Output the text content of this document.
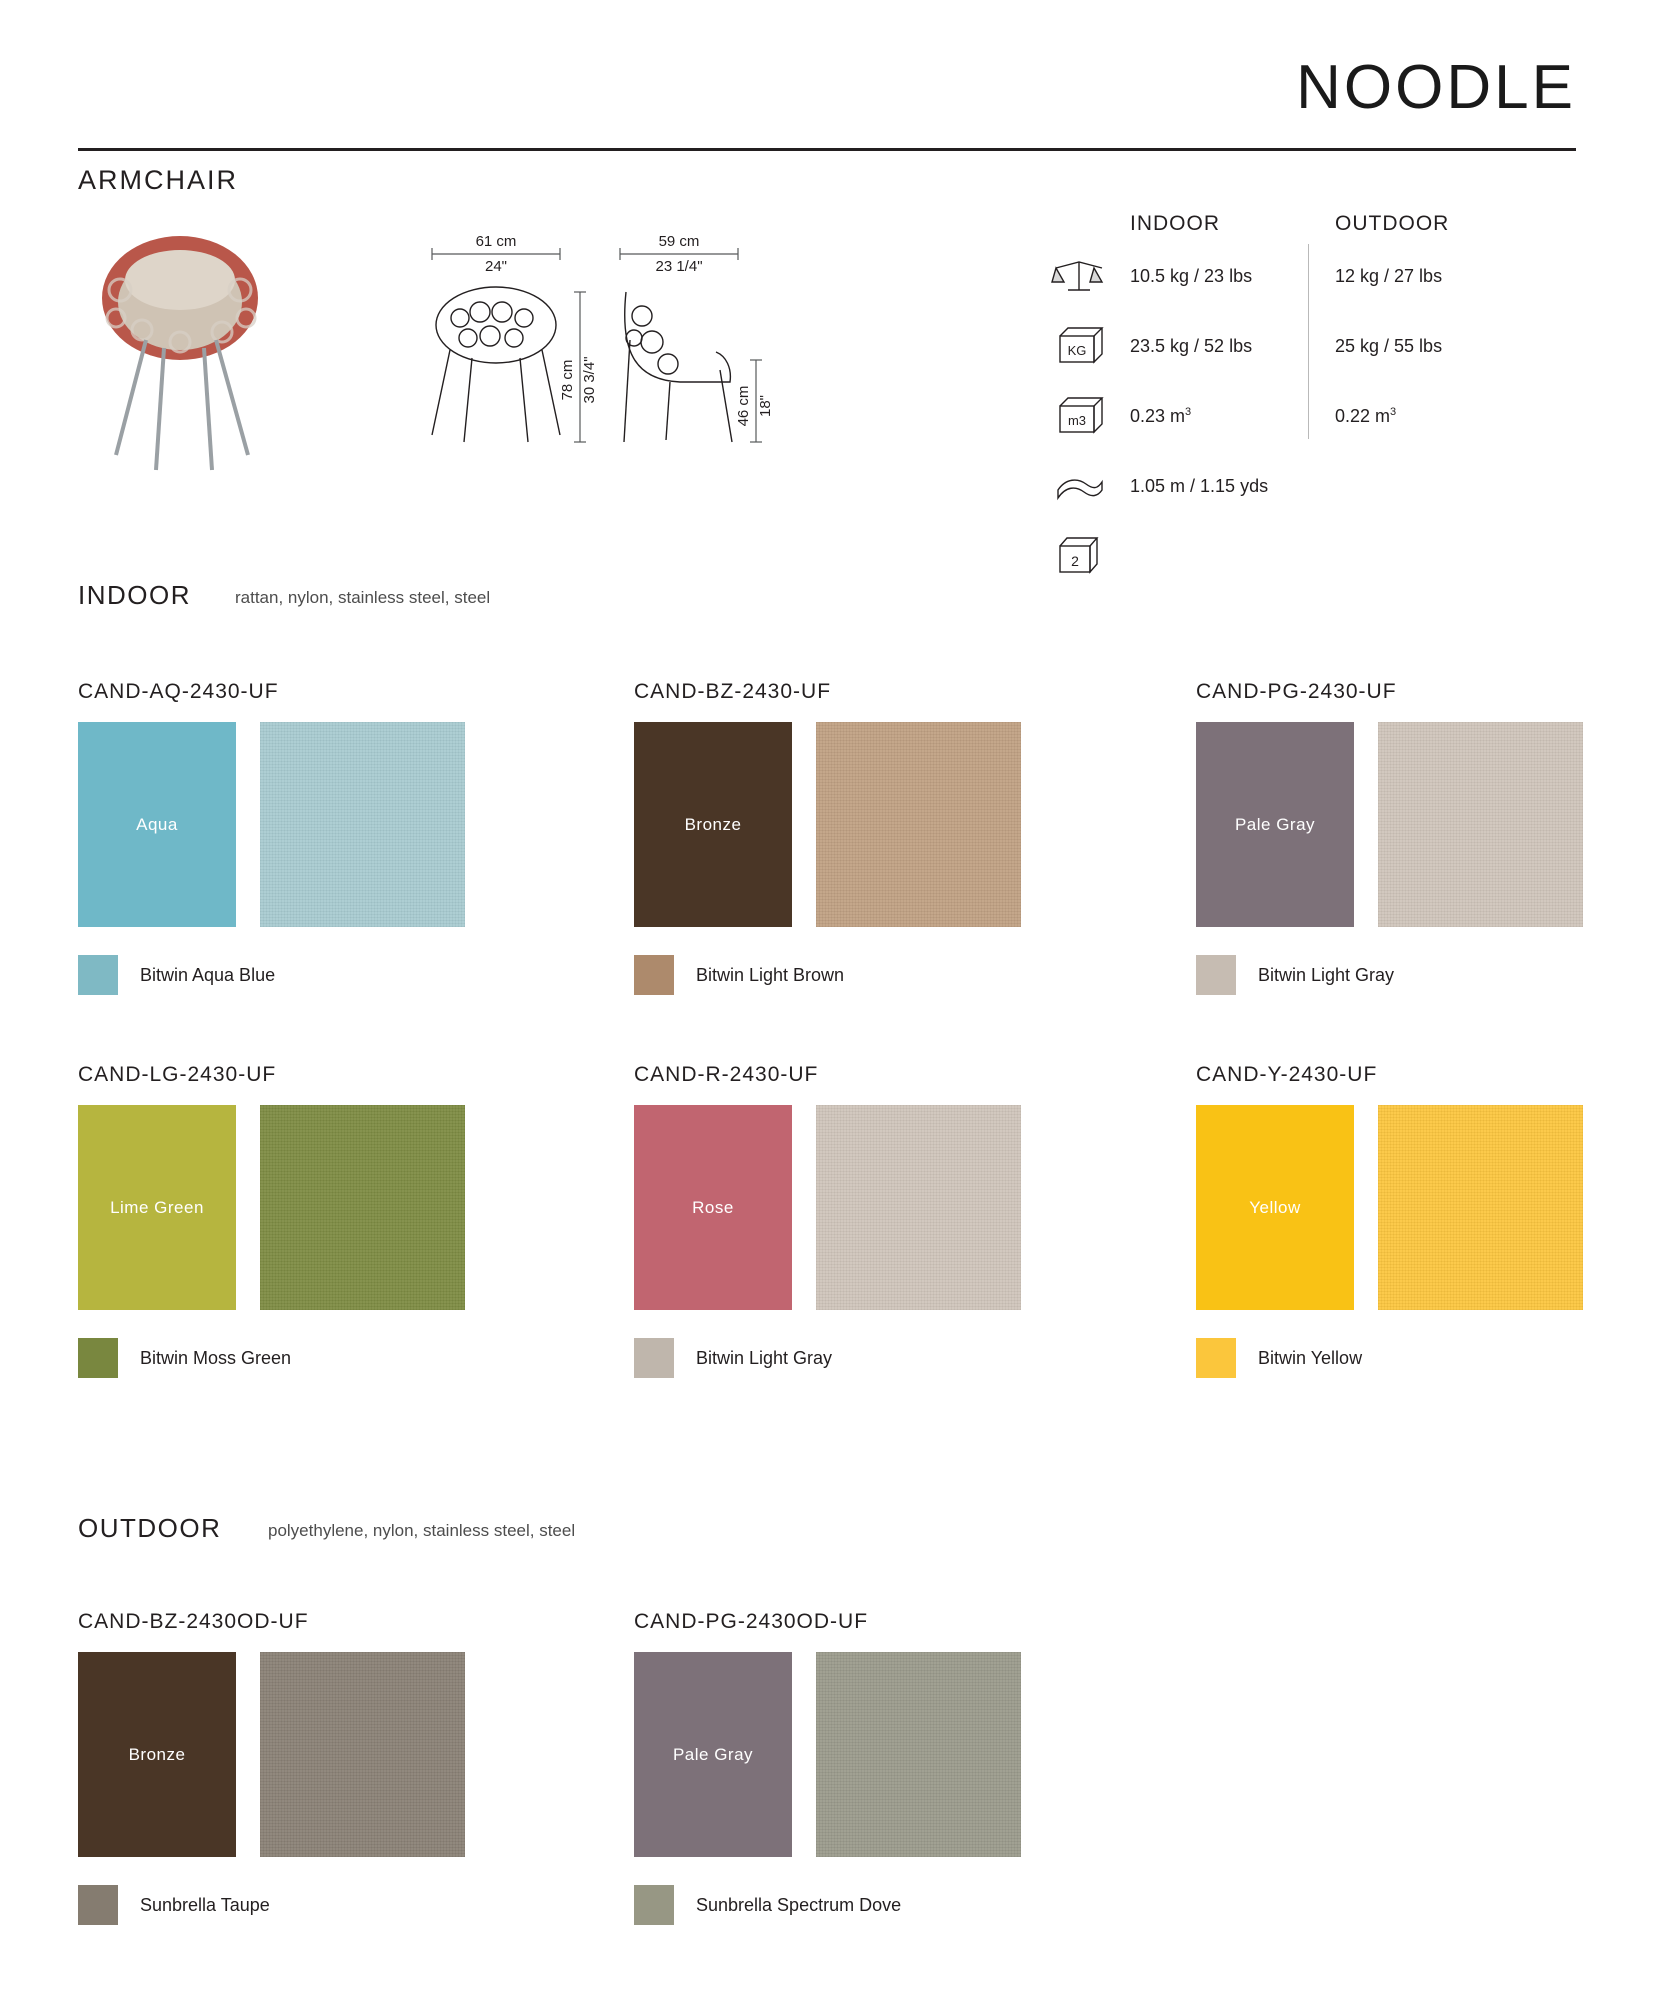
NOODLE
ARMCHAIR
61 cm
24"
78 cm 30 3/4"
59 cm
23 1/4"
46 cm 18"
INDOOR	OUTDOOR
10.5 kg / 23 lbs	12 kg / 27 lbs
KG 23.5 kg / 52 lbs	25 kg / 55 lbs
m3 0.23 $m^3$	0.22 $m^3$
1.05 m / 1.15 yds
2
INDOOR	rattan, nylon, stainless steel, steel
CAND-AQ-2430-UF
Aqua
Bitwin Aqua Blue
CAND-BZ-2430-UF
Bronze
Bitwin Light Brown
CAND-PG-2430-UF
Pale Gray
Bitwin Light Gray
CAND-LG-2430-UF
Lime Green
Bitwin Moss Green
CAND-R-2430-UF
Rose
Bitwin Light Gray
CAND-Y-2430-UF
Yellow
Bitwin Yellow
OUTDOOR	polyethylene, nylon, stainless steel, steel
CAND-BZ-2430OD-UF
Bronze
Sunbrella Taupe
CAND-PG-2430OD-UF
Pale Gray
Sunbrella Spectrum Dove
